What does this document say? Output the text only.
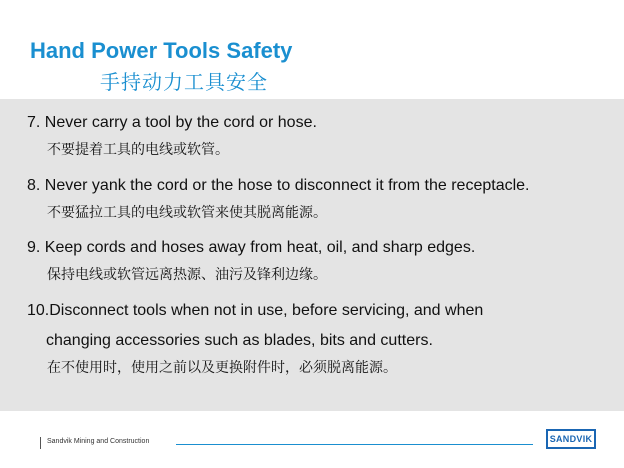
Hand Power Tools Safety
手持动力工具安全
7. Never carry a tool by the cord or hose.
不要提着工具的电线或软管。
8. Never yank the cord or the hose to disconnect it from the receptacle.
不要猛拉工具的电线或软管来使其脱离能源。
9. Keep cords and hoses away from heat, oil, and sharp edges.
保持电线或软管远离热源、油污及锋利边缘。
10.Disconnect tools when not in use, before servicing, and when
changing accessories such as blades, bits and cutters.
在不使用时，使用之前以及更换附件时，必须脱离能源。
Sandvik Mining and Construction	SANDVIK
